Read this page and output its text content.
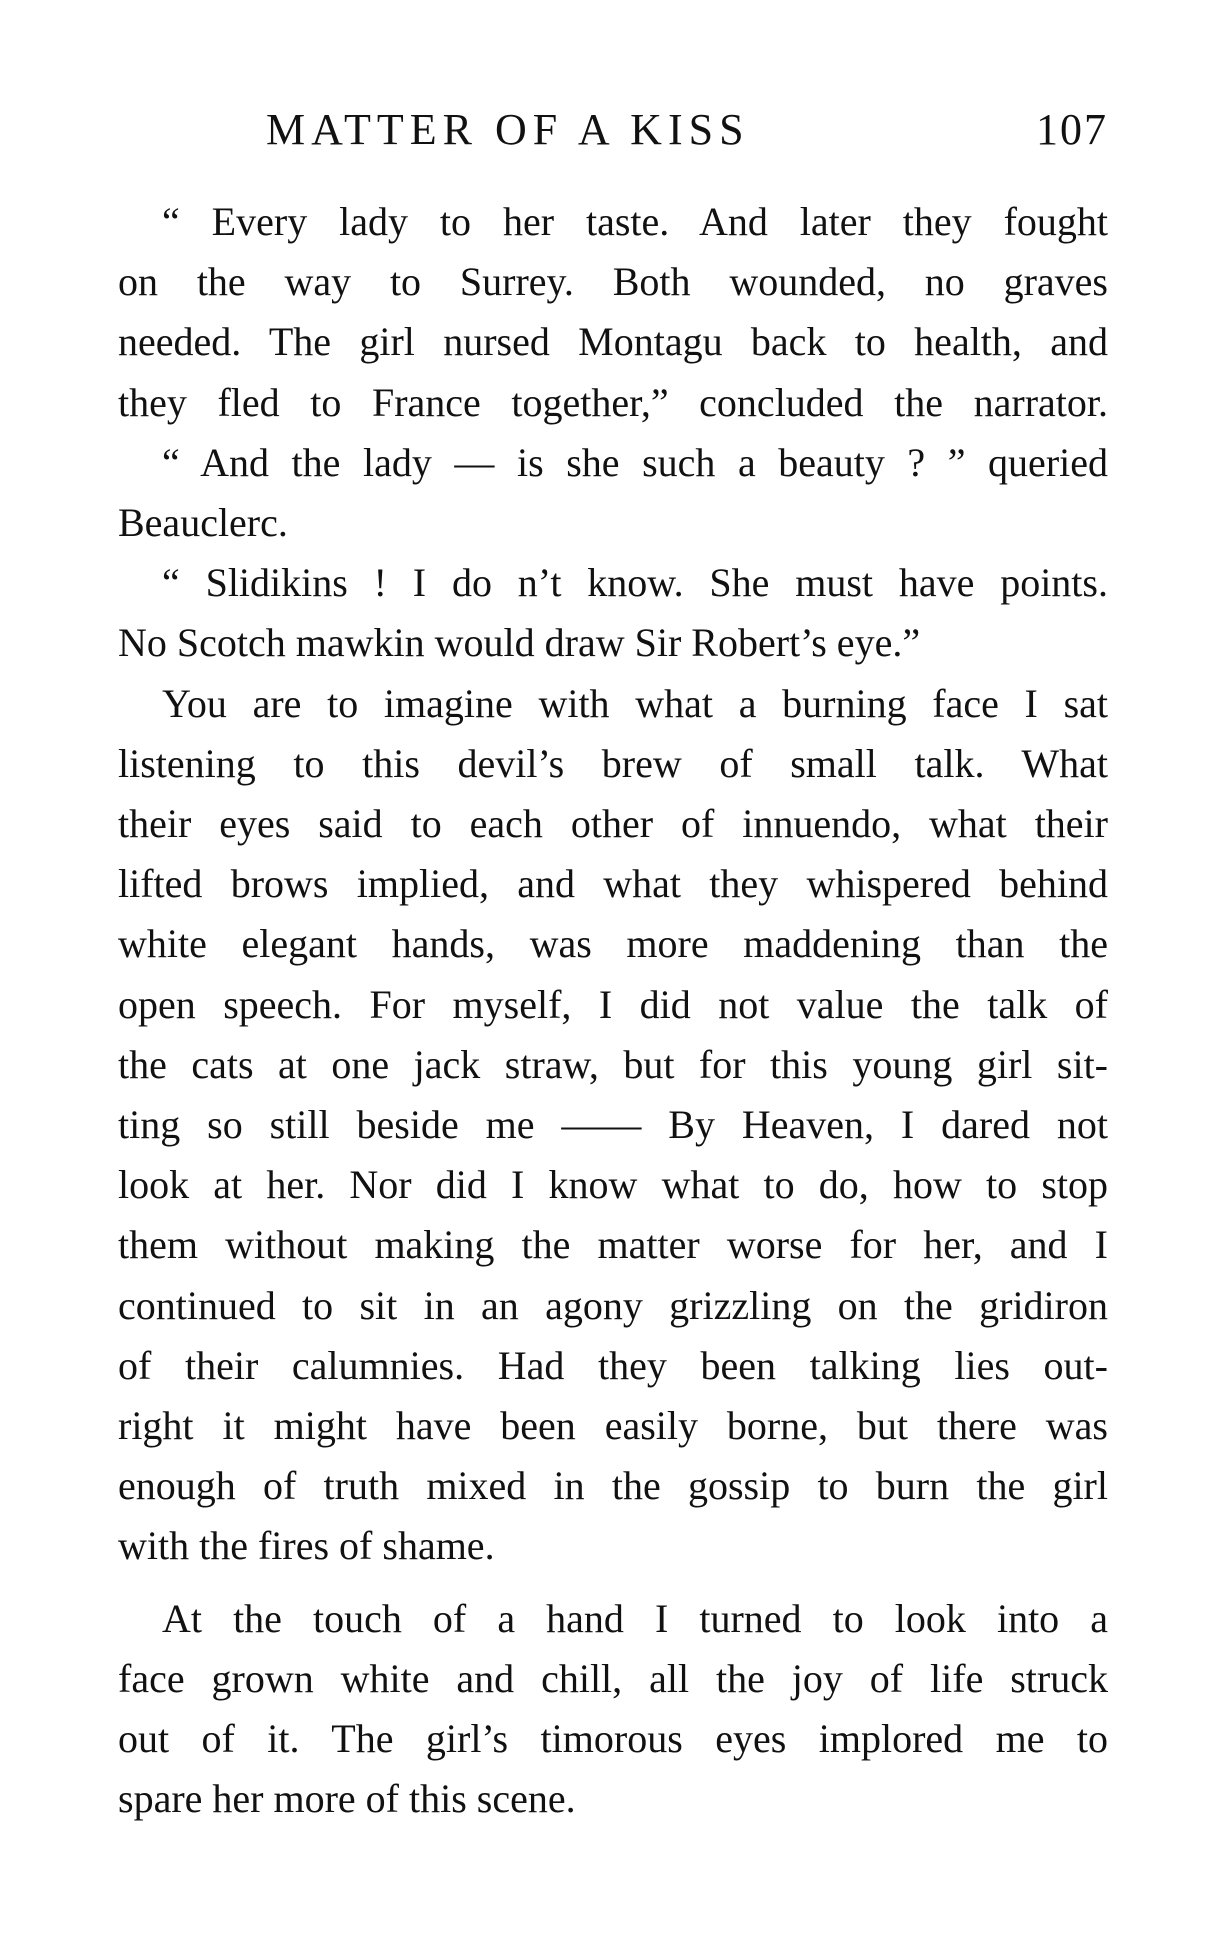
MATTER OF A KISS	107

“ Every lady to her taste. And later they fought
on the way to Surrey. Both wounded, no graves
needed. The girl nursed Montagu back to health, and
they fled to France together,” concluded the narrator.

“ And the lady — is she such a beauty ? ” queried
Beauclerc.

“ Slidikins ! I do n’t know. She must have points.
No Scotch mawkin would draw Sir Robert’s eye.”

You are to imagine with what a burning face I sat
listening to this devil’s brew of small talk. What
their eyes said to each other of innuendo, what their
lifted brows implied, and what they whispered behind
white elegant hands, was more maddening than the
open speech. For myself, I did not value the talk of
the cats at one jack straw, but for this young girl sit-
ting so still beside me —— By Heaven, I dared not
look at her. Nor did I know what to do, how to stop
them without making the matter worse for her, and I
continued to sit in an agony grizzling on the gridiron
of their calumnies. Had they been talking lies out-
right it might have been easily borne, but there was
enough of truth mixed in the gossip to burn the girl
with the fires of shame.

At the touch of a hand I turned to look into a
face grown white and chill, all the joy of life struck
out of it. The girl’s timorous eyes implored me to
spare her more of this scene.
